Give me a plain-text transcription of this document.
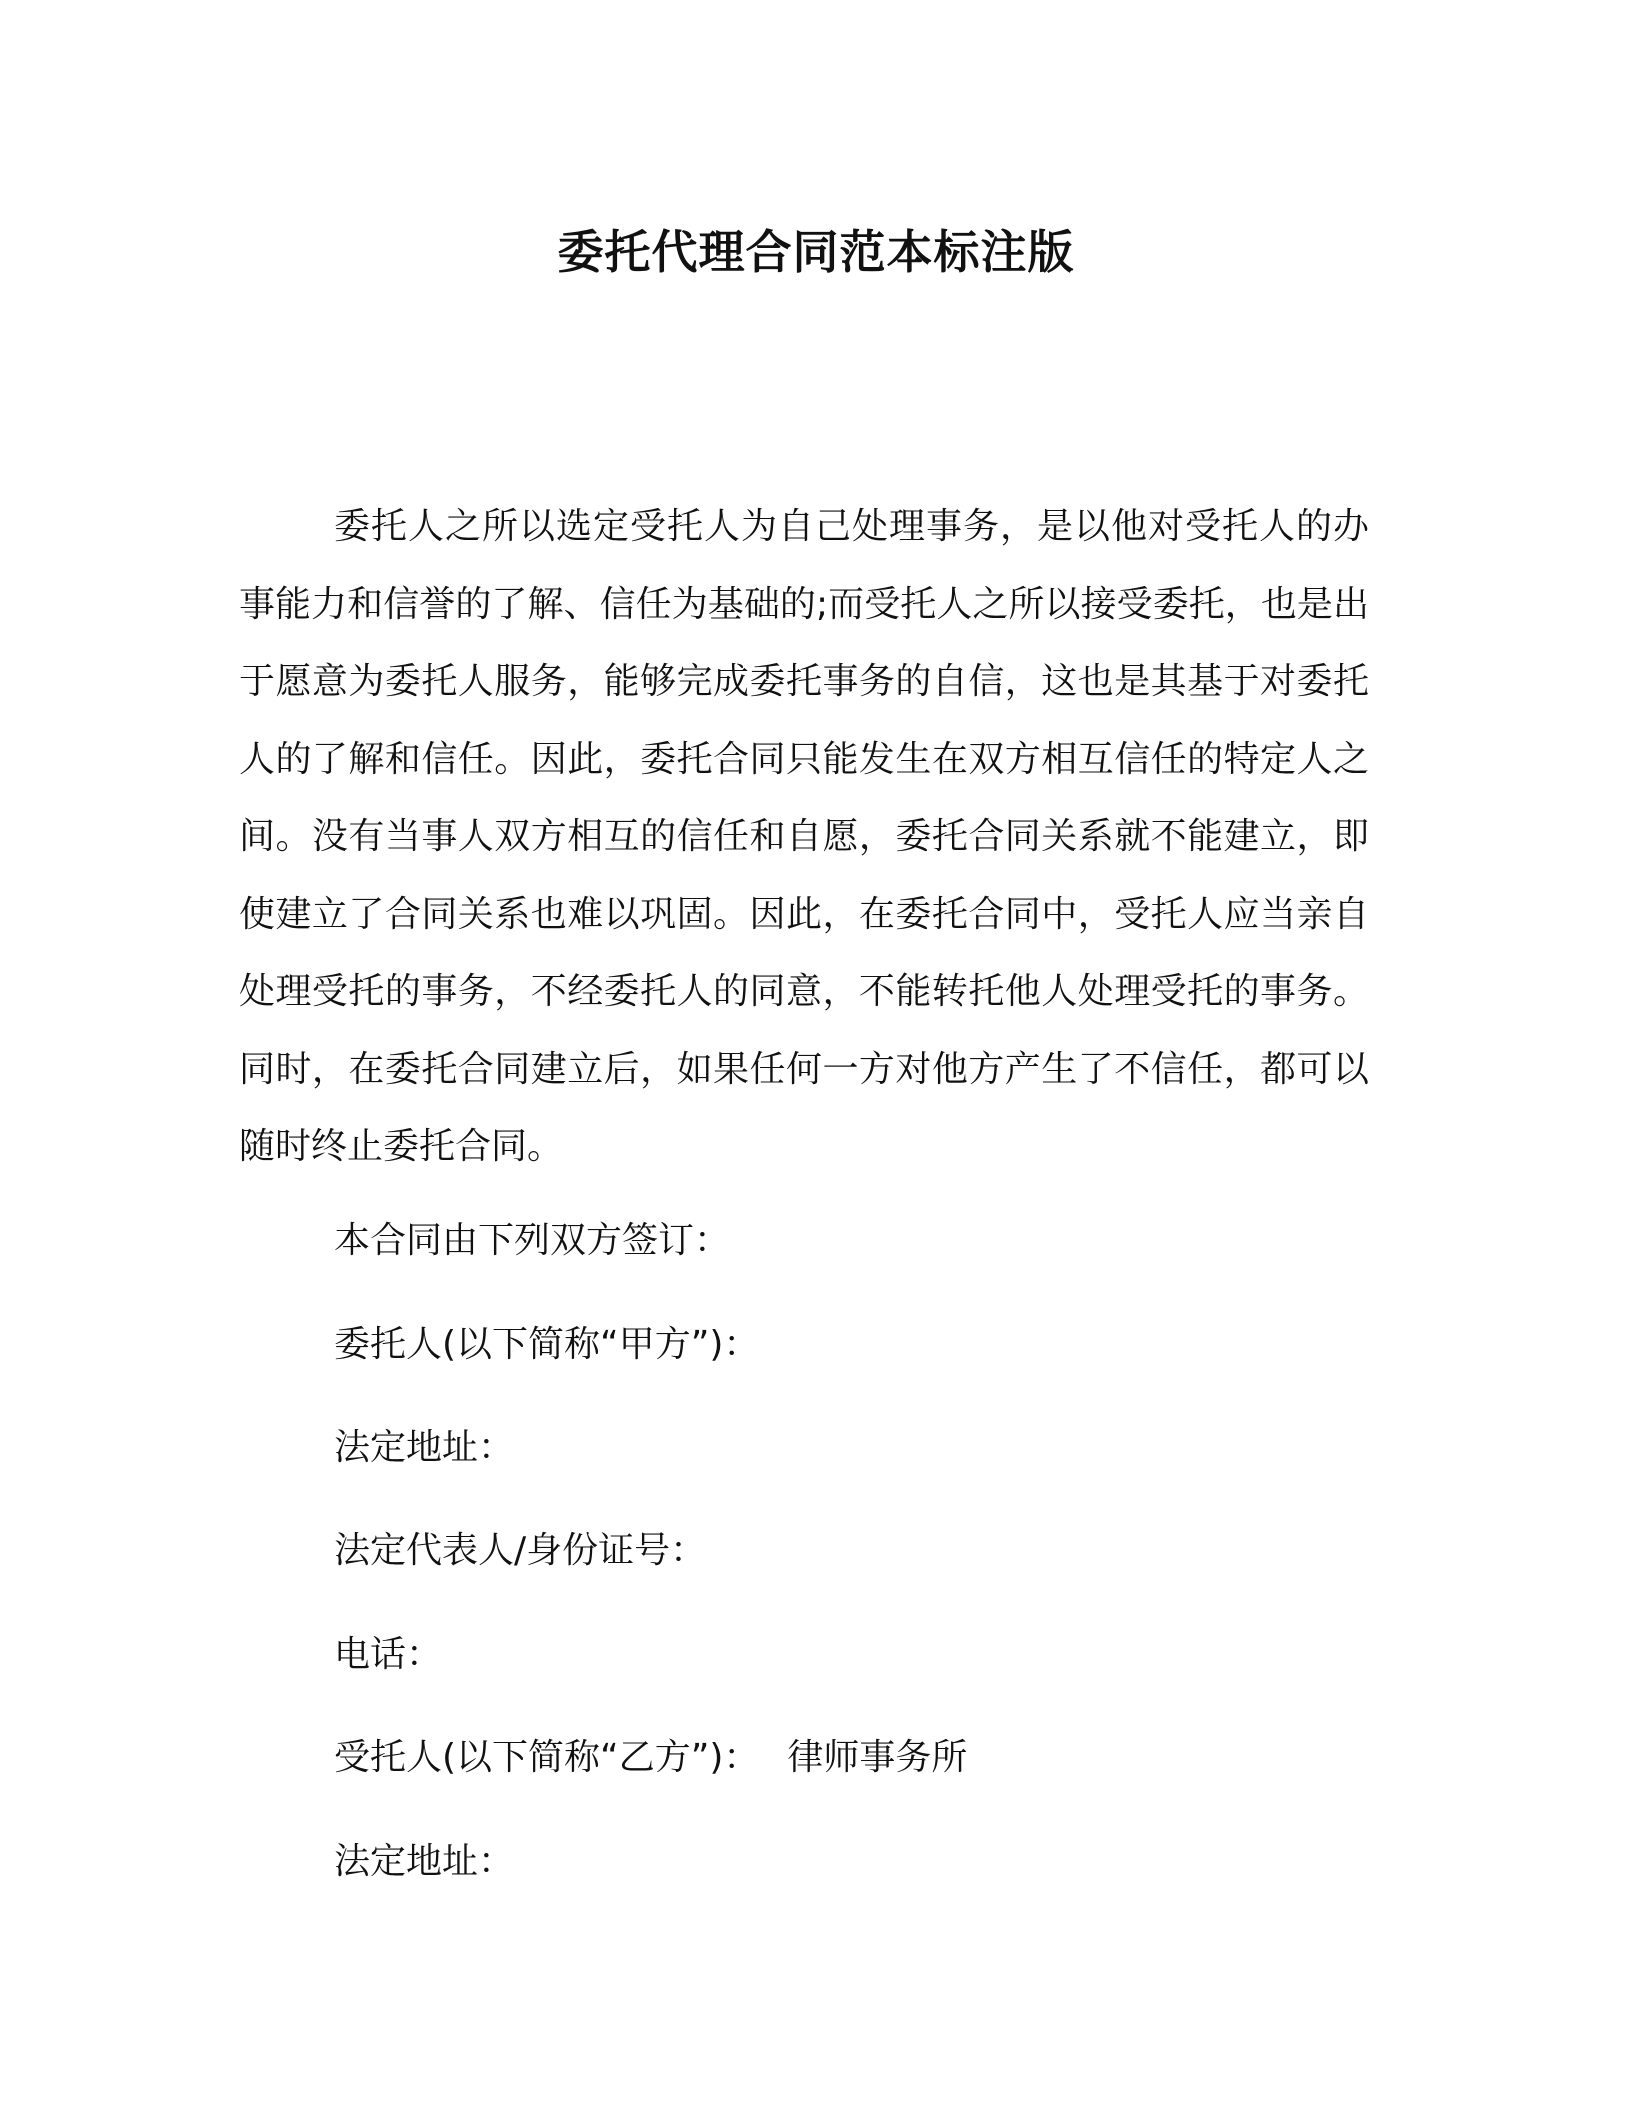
委托代理合同范本标注版

委托人之所以选定受托人为自己处理事务，是以他对受托人的办事能力和信誉的了解、信任为基础的;而受托人之所以接受委托，也是出于愿意为委托人服务，能够完成委托事务的自信，这也是其基于对委托人的了解和信任。因此，委托合同只能发生在双方相互信任的特定人之间。没有当事人双方相互的信任和自愿，委托合同关系就不能建立，即使建立了合同关系也难以巩固。因此，在委托合同中，受托人应当亲自处理受托的事务，不经委托人的同意，不能转托他人处理受托的事务。同时，在委托合同建立后，如果任何一方对他方产生了不信任，都可以随时终止委托合同。

本合同由下列双方签订：
委托人(以下简称“甲方”)：
法定地址：
法定代表人/身份证号：
电话：
受托人(以下简称“乙方”)： 律师事务所
法定地址：
